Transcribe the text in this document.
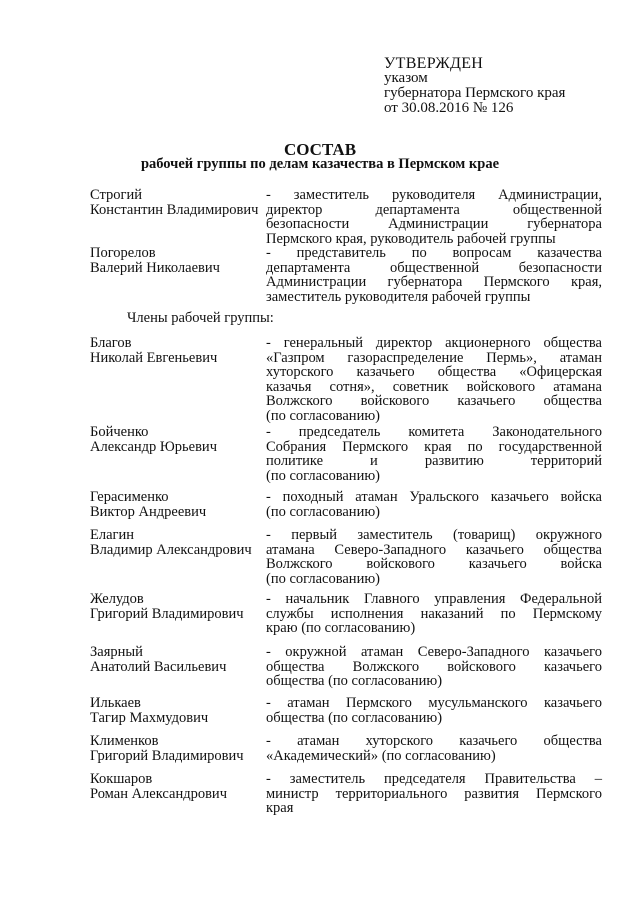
УТВЕРЖДЕН
указом
губернатора Пермского края
от 30.08.2016 № 126
СОСТАВ
рабочей группы по делам казачества в Пермском крае
Строгий
Константин Владимирович
- заместитель руководителя Администрации,
директор департамента общественной
безопасности Администрации губернатора
Пермского края, руководитель рабочей группы
Погорелов
Валерий Николаевич
- представитель по вопросам казачества
департамента общественной безопасности
Администрации губернатора Пермского края,
заместитель руководителя рабочей группы
Члены рабочей группы:
Благов
Николай Евгеньевич
- генеральный директор акционерного общества
«Газпром газораспределение Пермь», атаман
хуторского казачьего общества «Офицерская
казачья сотня», советник войскового атамана
Волжского войскового казачьего общества
(по согласованию)
Бойченко
Александр Юрьевич
- председатель комитета Законодательного
Собрания Пермского края по государственной
политике и развитию территорий
(по согласованию)
Герасименко
Виктор Андреевич
- походный атаман Уральского казачьего войска
(по согласованию)
Елагин
Владимир Александрович
- первый заместитель (товарищ) окружного
атамана Северо-Западного казачьего общества
Волжского войскового казачьего войска
(по согласованию)
Желудов
Григорий Владимирович
- начальник Главного управления Федеральной
службы исполнения наказаний по Пермскому
краю (по согласованию)
Заярный
Анатолий Васильевич
- окружной атаман Северо-Западного казачьего
общества Волжского войскового казачьего
общества (по согласованию)
Илькаев
Тагир Махмудович
- атаман Пермского мусульманского казачьего
общества (по согласованию)
Клименков
Григорий Владимирович
- атаман хуторского казачьего общества
«Академический» (по согласованию)
Кокшаров
Роман Александрович
- заместитель председателя Правительства –
министр территориального развития Пермского
края
